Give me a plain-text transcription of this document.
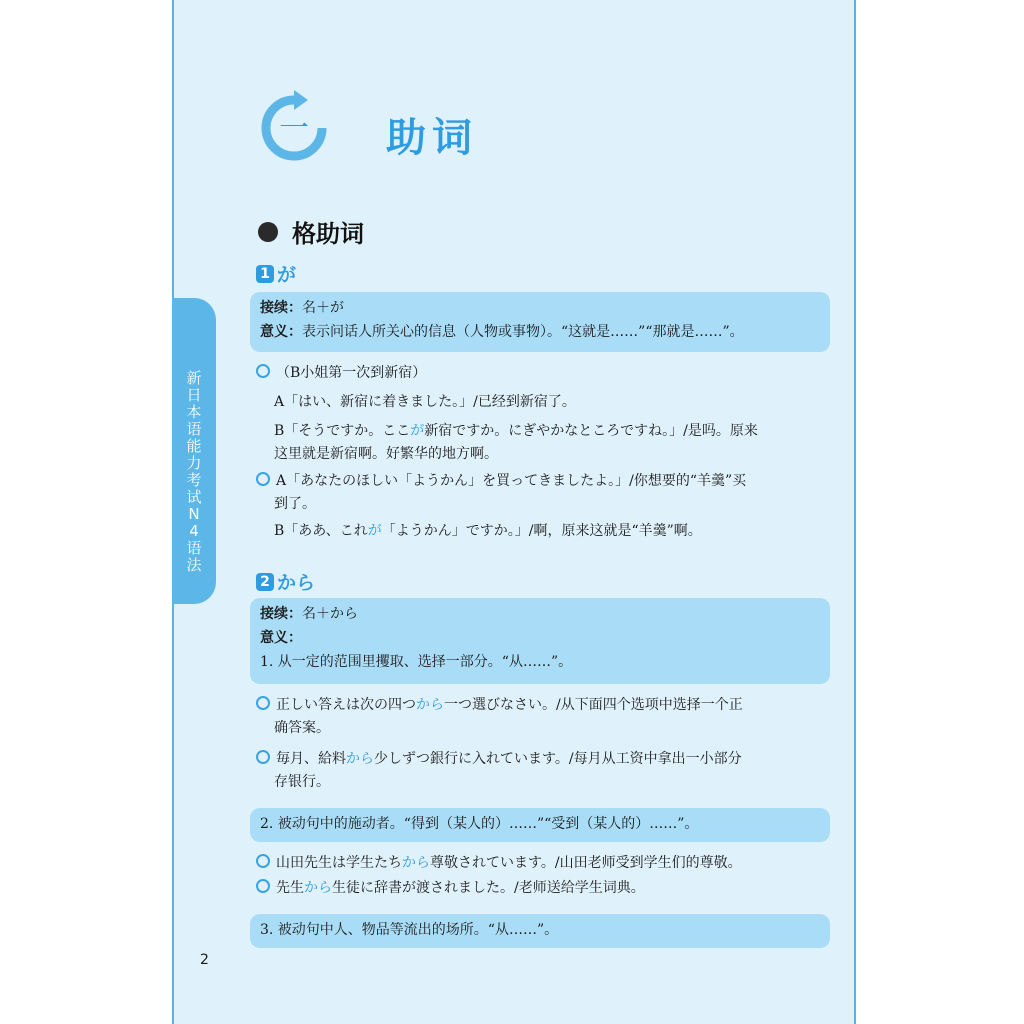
新日本语能力考试N4语法
一 助词
格助词
1 が
接续：名＋が
意义：表示问话人所关心的信息（人物或事物）。“这就是……”“那就是……”。
（B小姐第一次到新宿）
A「はい、新宿に着きました。」/已经到新宿了。
B「そうですか。ここが新宿ですか。にぎやかなところですね。」/是吗。原来
这里就是新宿啊。好繁华的地方啊。
A「あなたのほしい「ようかん」を買ってきましたよ。」/你想要的“羊羹”买
到了。
B「ああ、これが「ようかん」ですか。」/啊，原来这就是“羊羹”啊。
2 から
接续：名＋から
意义：
1. 从一定的范围里攫取、选择一部分。“从……”。
正しい答えは次の四つから一つ選びなさい。/从下面四个选项中选择一个正
确答案。
毎月、給料から少しずつ銀行に入れています。/每月从工资中拿出一小部分
存银行。
2. 被动句中的施动者。“得到（某人的）……”“受到（某人的）……”。
山田先生は学生たちから尊敬されています。/山田老师受到学生们的尊敬。
先生から生徒に辞書が渡されました。/老师送给学生词典。
3. 被动句中人、物品等流出的场所。“从……”。
2
